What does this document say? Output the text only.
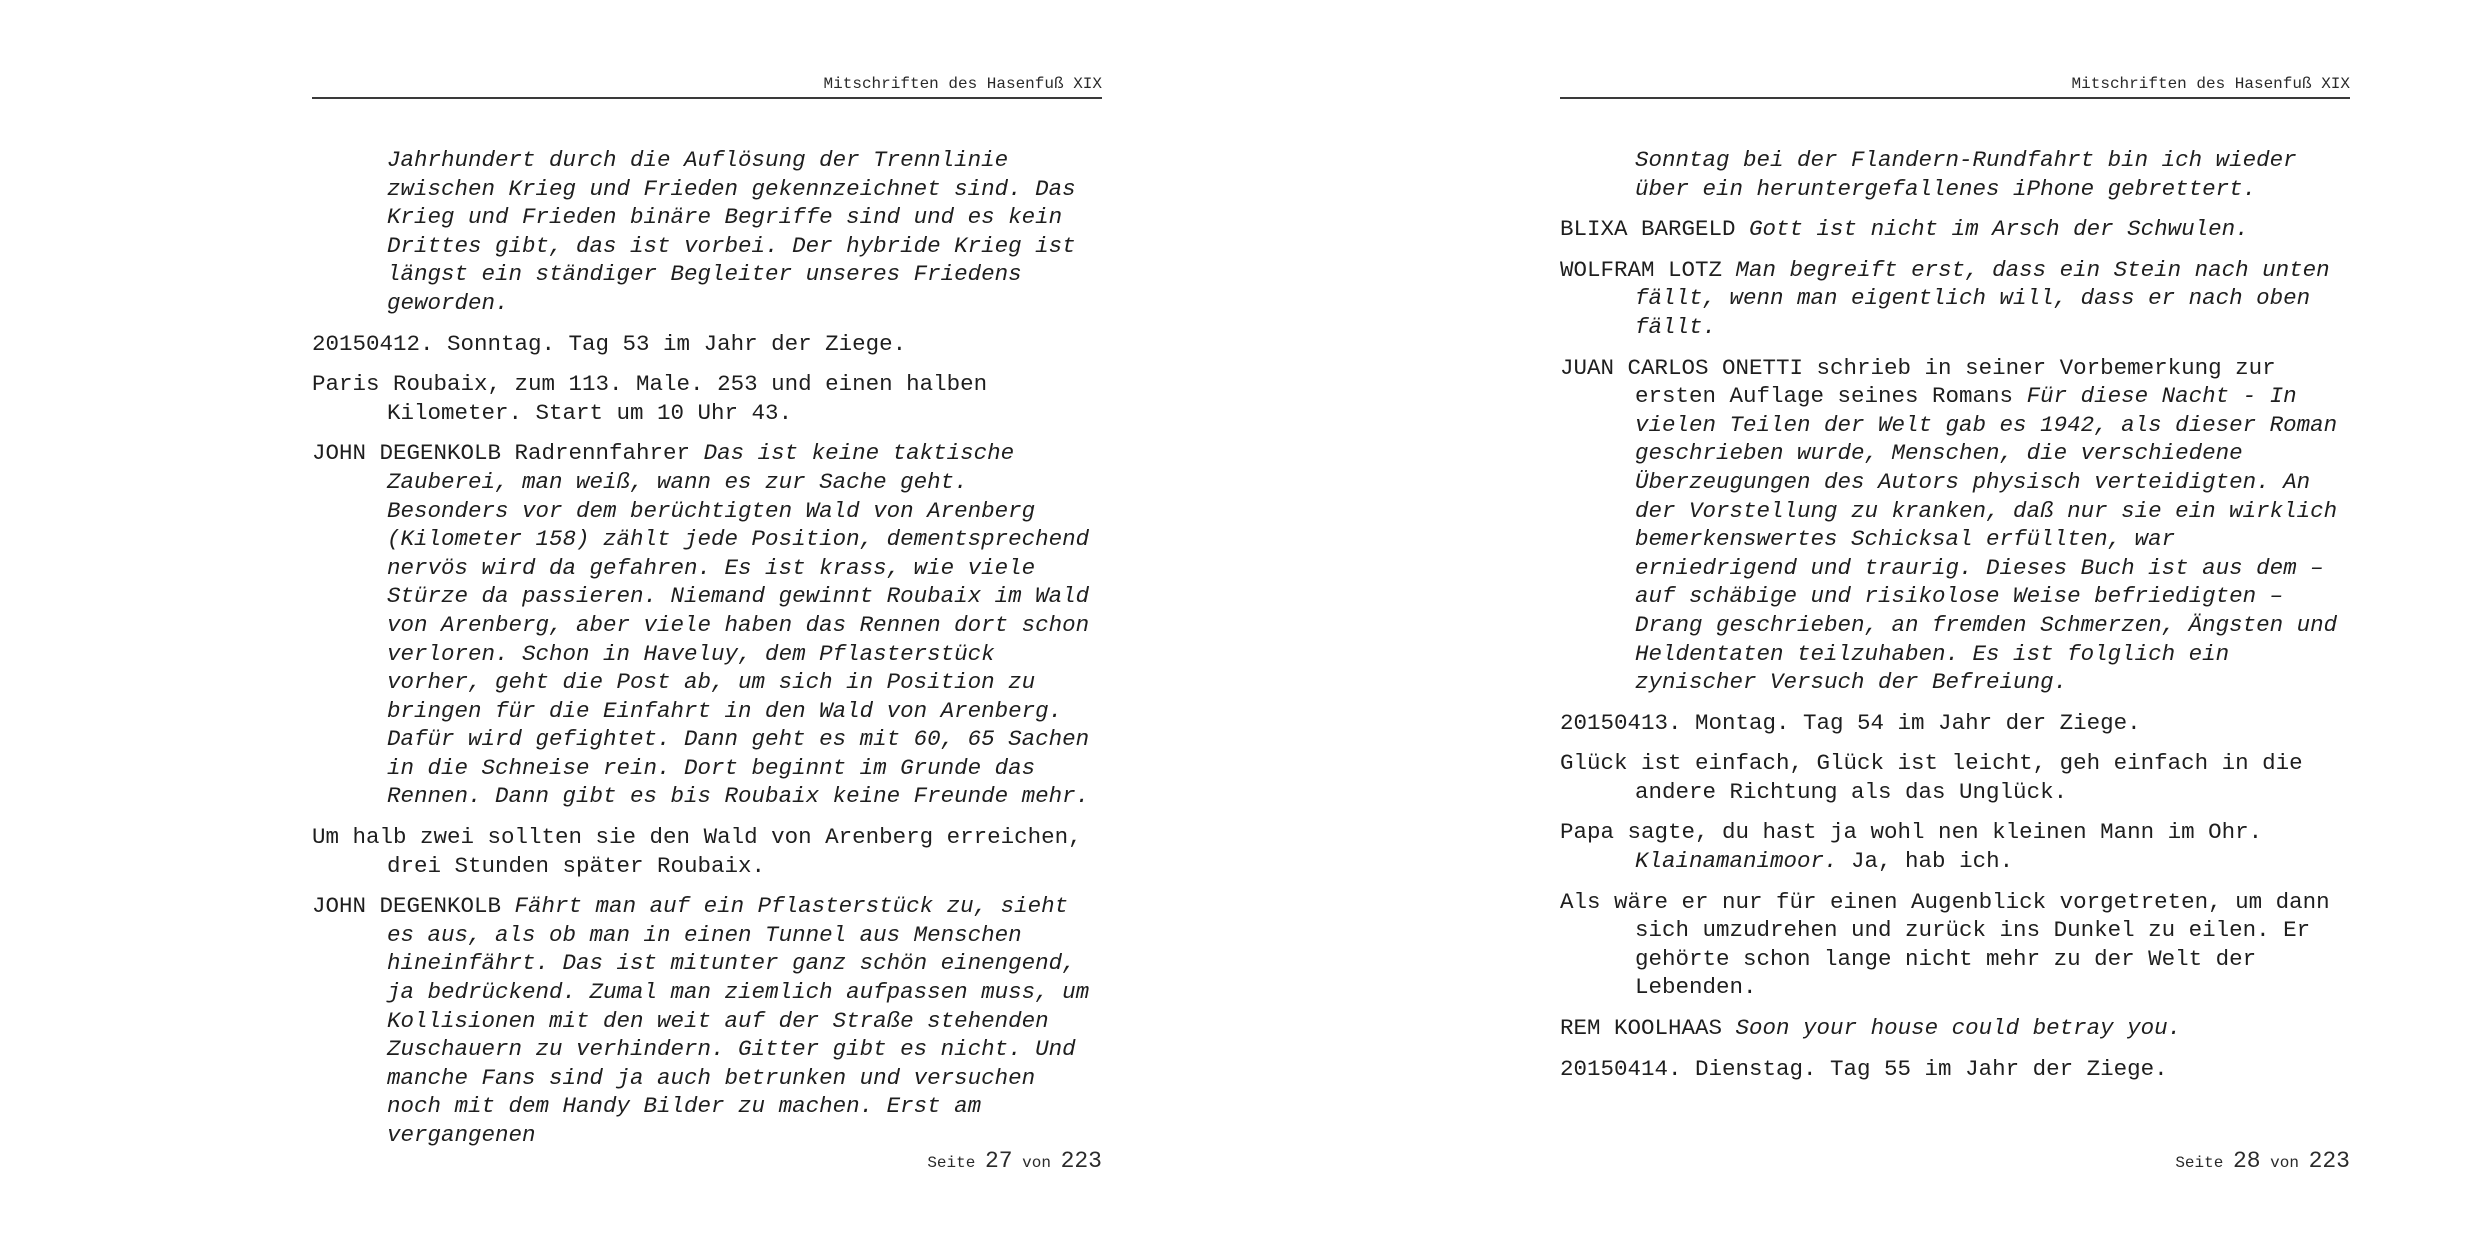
Mitschriften des Hasenfuß XIX

Jahrhundert durch die Auflösung der Trennlinie zwischen Krieg und Frieden gekennzeichnet sind. Das Krieg und Frieden binäre Begriffe sind und es kein Drittes gibt, das ist vorbei. Der hybride Krieg ist längst ein ständiger Begleiter unseres Friedens geworden.

20150412. Sonntag. Tag 53 im Jahr der Ziege.

Paris Roubaix, zum 113. Male. 253 und einen halben Kilometer. Start um 10 Uhr 43.

JOHN DEGENKOLB Radrennfahrer Das ist keine taktische Zauberei, man weiß, wann es zur Sache geht. Besonders vor dem berüchtigten Wald von Arenberg (Kilometer 158) zählt jede Position, dementsprechend nervös wird da gefahren. Es ist krass, wie viele Stürze da passieren. Niemand gewinnt Roubaix im Wald von Arenberg, aber viele haben das Rennen dort schon verloren. Schon in Haveluy, dem Pflasterstück vorher, geht die Post ab, um sich in Position zu bringen für die Einfahrt in den Wald von Arenberg. Dafür wird gefightet. Dann geht es mit 60, 65 Sachen in die Schneise rein. Dort beginnt im Grunde das Rennen. Dann gibt es bis Roubaix keine Freunde mehr.

Um halb zwei sollten sie den Wald von Arenberg erreichen, drei Stunden später Roubaix.

JOHN DEGENKOLB Fährt man auf ein Pflasterstück zu, sieht es aus, als ob man in einen Tunnel aus Menschen hineinfährt. Das ist mitunter ganz schön einengend, ja bedrückend. Zumal man ziemlich aufpassen muss, um Kollisionen mit den weit auf der Straße stehenden Zuschauern zu verhindern. Gitter gibt es nicht. Und manche Fans sind ja auch betrunken und versuchen noch mit dem Handy Bilder zu machen. Erst am vergangenen

Seite 27 von 223
Mitschriften des Hasenfuß XIX

Sonntag bei der Flandern-Rundfahrt bin ich wieder über ein heruntergefallenes iPhone gebrettert.

BLIXA BARGELD Gott ist nicht im Arsch der Schwulen.

WOLFRAM LOTZ Man begreift erst, dass ein Stein nach unten fällt, wenn man eigentlich will, dass er nach oben fällt.

JUAN CARLOS ONETTI schrieb in seiner Vorbemerkung zur ersten Auflage seines Romans Für diese Nacht - In vielen Teilen der Welt gab es 1942, als dieser Roman geschrieben wurde, Menschen, die verschiedene Überzeugungen des Autors physisch verteidigten. An der Vorstellung zu kranken, daß nur sie ein wirklich bemerkenswertes Schicksal erfüllten, war erniedrigend und traurig. Dieses Buch ist aus dem – auf schäbige und risikolose Weise befriedigten – Drang geschrieben, an fremden Schmerzen, Ängsten und Heldentaten teilzuhaben. Es ist folglich ein zynischer Versuch der Befreiung.

20150413. Montag. Tag 54 im Jahr der Ziege.

Glück ist einfach, Glück ist leicht, geh einfach in die andere Richtung als das Unglück.

Papa sagte, du hast ja wohl nen kleinen Mann im Ohr. Klainamanimoor. Ja, hab ich.

Als wäre er nur für einen Augenblick vorgetreten, um dann sich umzudrehen und zurück ins Dunkel zu eilen. Er gehörte schon lange nicht mehr zu der Welt der Lebenden.

REM KOOLHAAS Soon your house could betray you.

20150414. Dienstag. Tag 55 im Jahr der Ziege.

Seite 28 von 223
